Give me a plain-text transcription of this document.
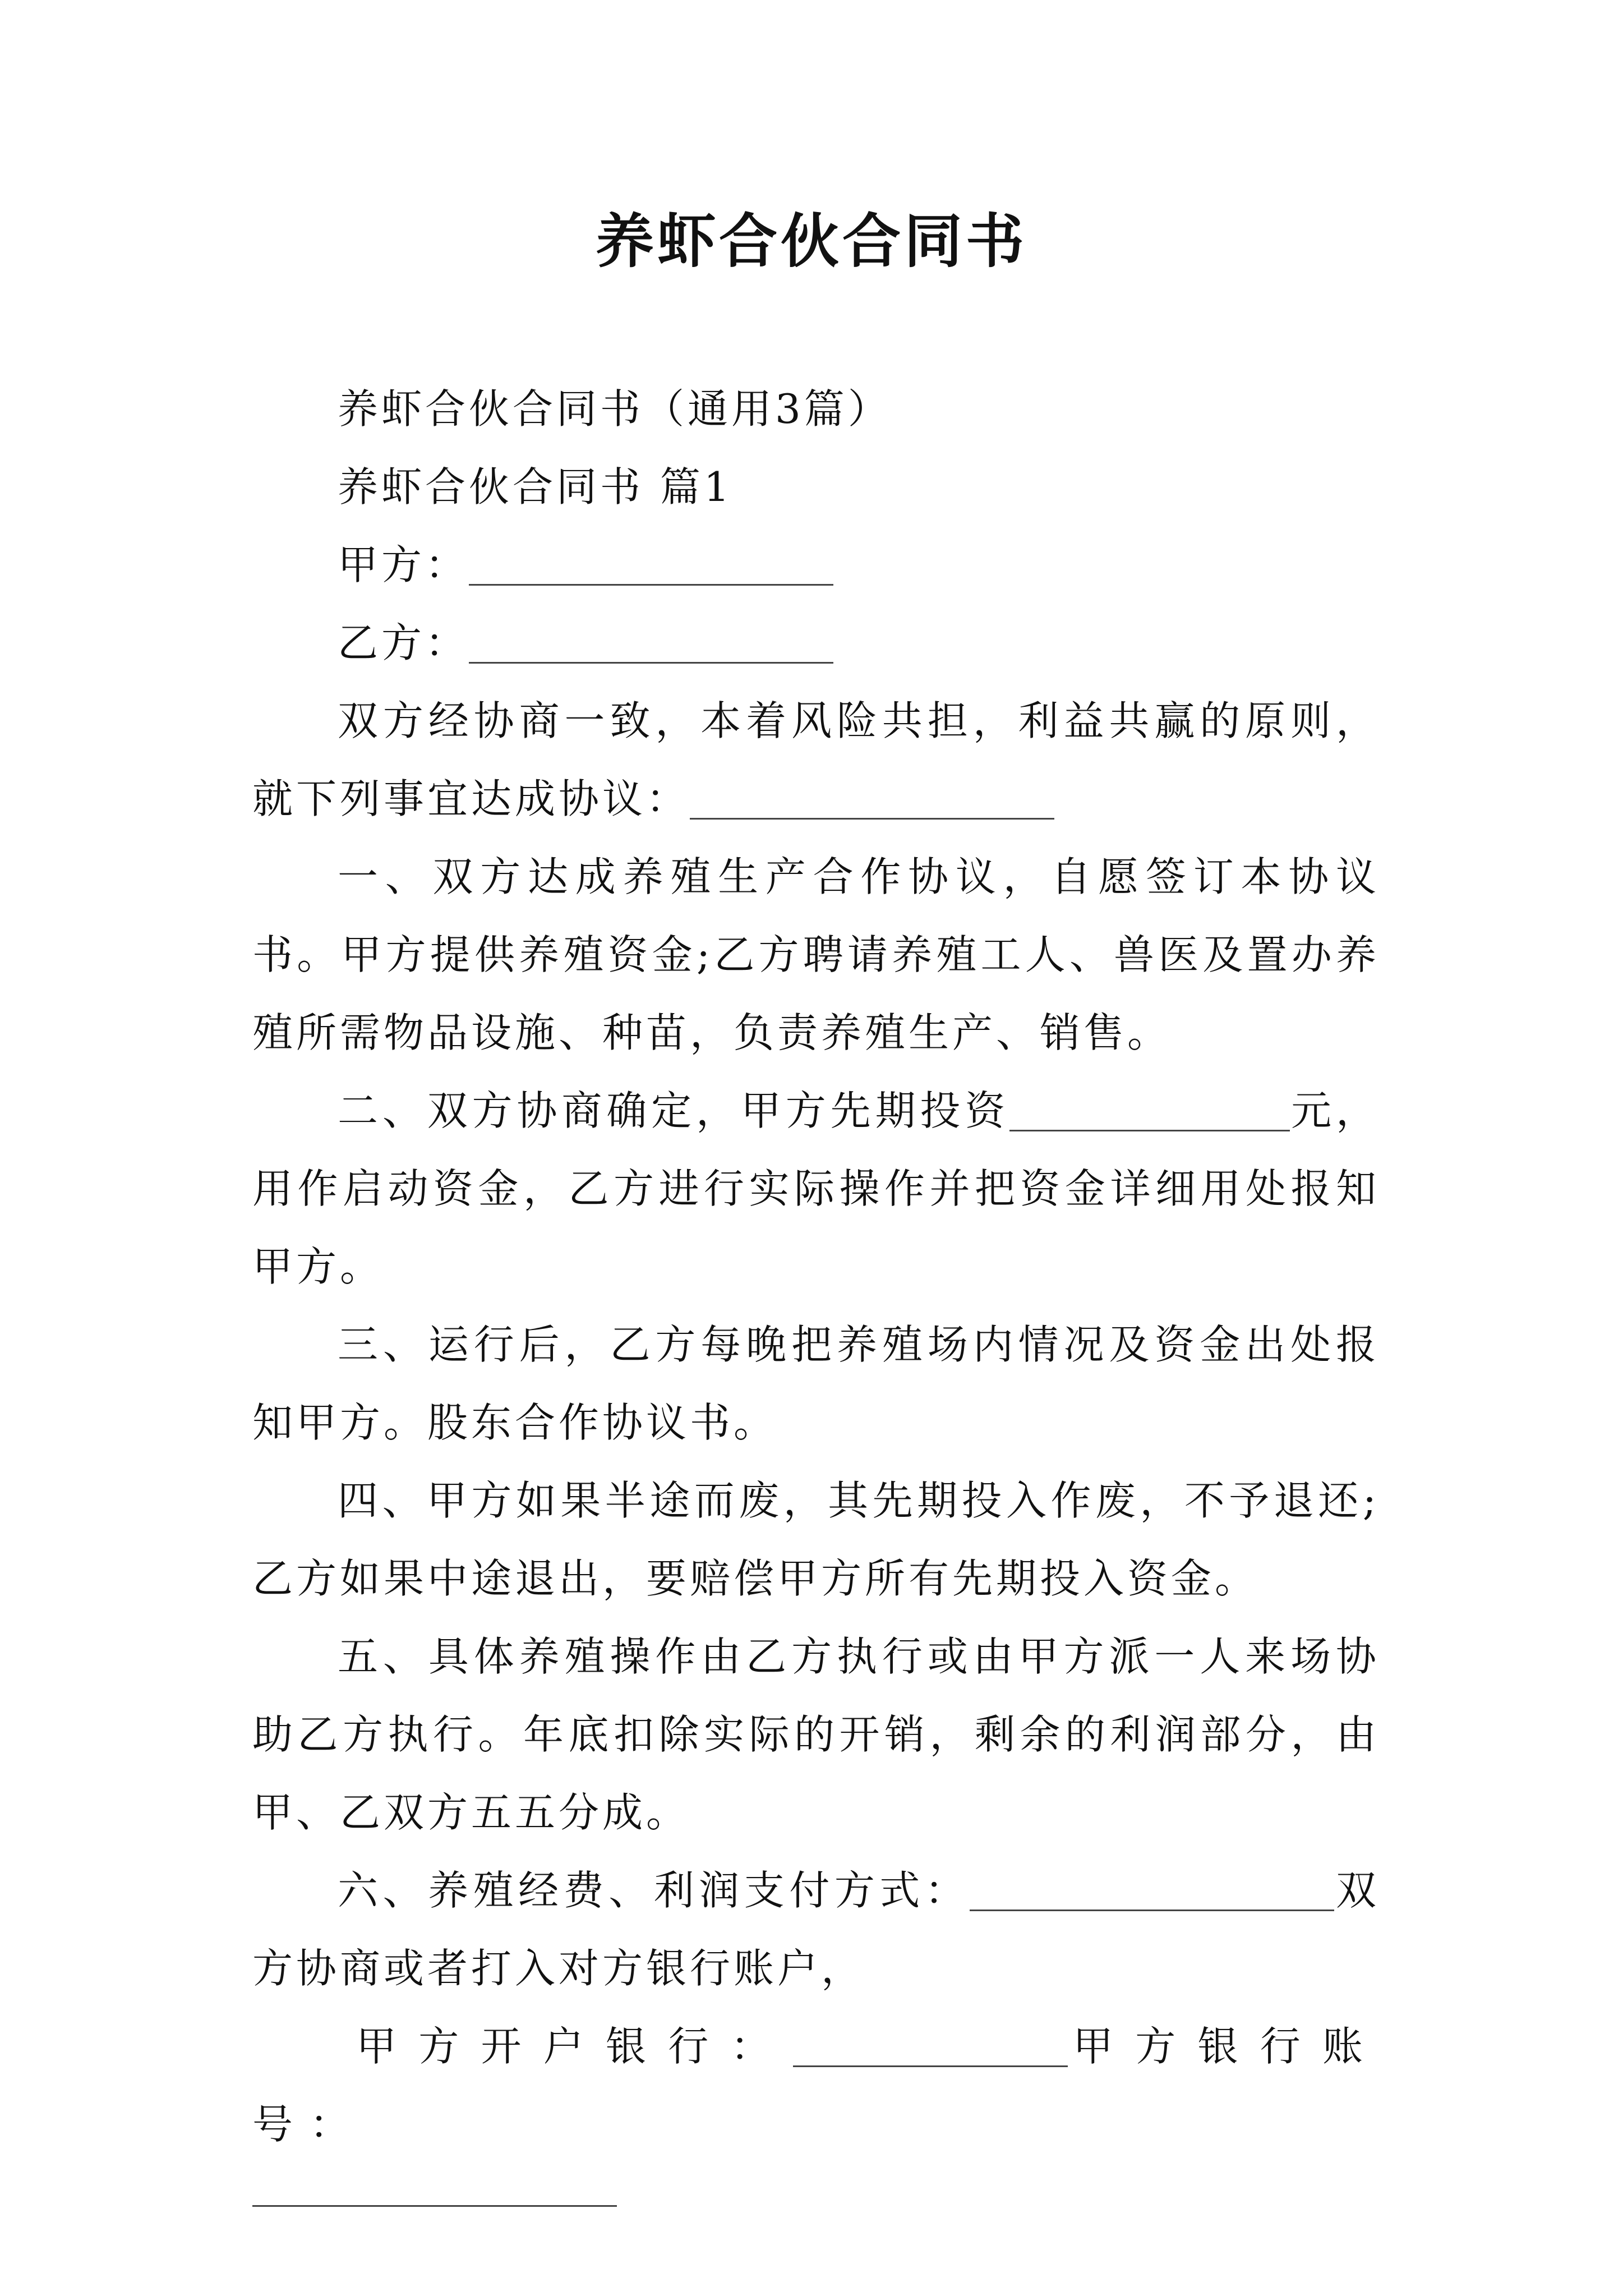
养虾合伙合同书

养虾合伙合同书（通用3篇）

养虾合伙合同书 篇1

甲方：

乙方：

双方经协商一致，本着风险共担，利益共赢的原则，就下列事宜达成协议：

一、双方达成养殖生产合作协议，自愿签订本协议书。甲方提供养殖资金;乙方聘请养殖工人、兽医及置办养殖所需物品设施、种苗，负责养殖生产、销售。

二、双方协商确定，甲方先期投资	元，用作启动资金，乙方进行实际操作并把资金详细用处报知甲方。

三、运行后，乙方每晚把养殖场内情况及资金出处报知甲方。股东合作协议书。

四、甲方如果半途而废，其先期投入作废，不予退还;乙方如果中途退出，要赔偿甲方所有先期投入资金。

五、具体养殖操作由乙方执行或由甲方派一人来场协助乙方执行。年底扣除实际的开销，剩余的利润部分，由甲、乙双方五五分成。

六、养殖经费、利润支付方式：	双方协商或者打入对方银行账户，

甲方开户银行：	甲方银行账号：
